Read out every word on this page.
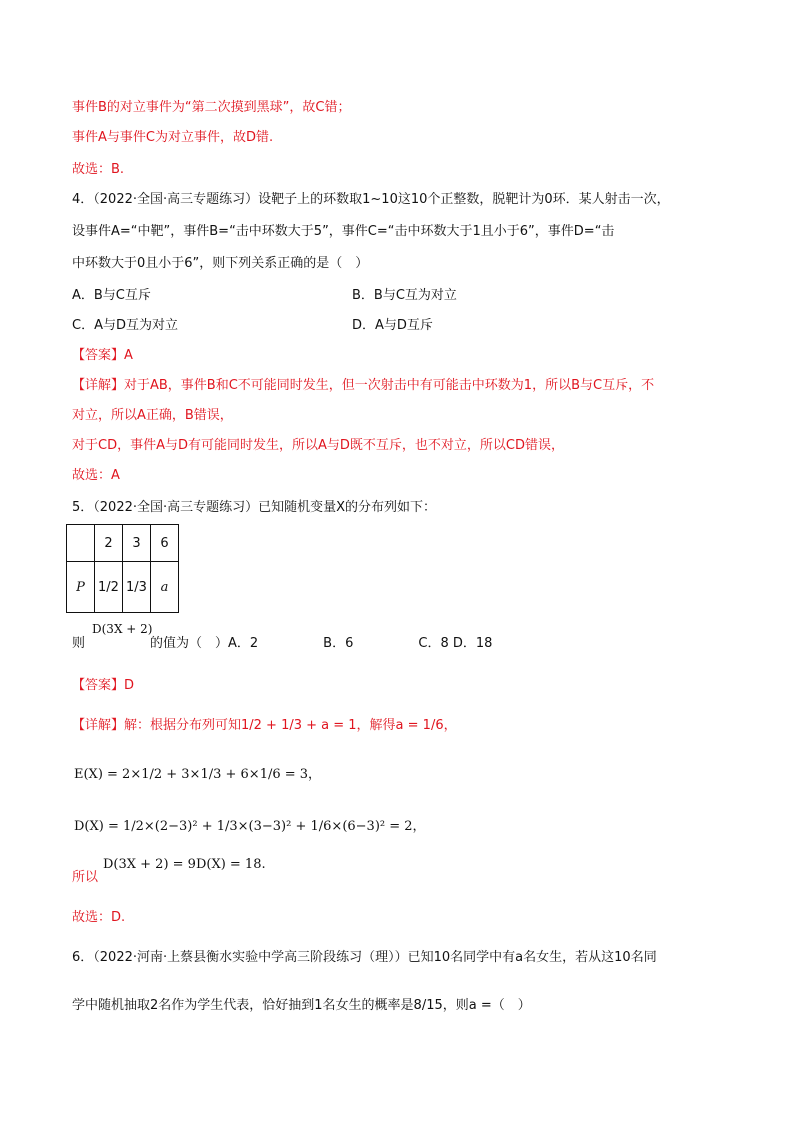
事件B的对立事件为“第二次摸到黑球”，故C错；
事件A与事件C为对立事件，故D错.
故选：B.
4．（2022·全国·高三专题练习）设靶子上的环数取1~10这10个正整数，脱靶计为0环．某人射击一次，
设事件A=“中靶”，事件B=“击中环数大于5”，事件C=“击中环数大于1且小于6”，事件D=“击
中环数大于0且小于6”，则下列关系正确的是（　）
A．B与C互斥	B．B与C互为对立
C．A与D互为对立	D．A与D互斥
【答案】A
【详解】对于AB，事件B和C不可能同时发生，但一次射击中有可能击中环数为1，所以B与C互斥，不
对立，所以A正确，B错误，
对于CD，事件A与D有可能同时发生，所以A与D既不互斥，也不对立，所以CD错误，
故选：A
5．（2022·全国·高三专题练习）已知随机变量X的分布列如下：
	2	3	6
P	1/2	1/3	a
D(3X + 2)
则	的值为（　）A．2　　　　　B．6　　　　　C．8 D．18
【答案】D
【详解】解：根据分布列可知1/2 + 1/3 + a = 1，解得a = 1/6，
E(X) = 2×1/2 + 3×1/3 + 6×1/6 = 3，
D(X) = 1/2×(2−3)² + 1/3×(3−3)² + 1/6×(6−3)² = 2，
D(3X + 2) = 9D(X) = 18.
所以
故选：D.
6．（2022·河南·上蔡县衡水实验中学高三阶段练习（理））已知10名同学中有a名女生，若从这10名同
学中随机抽取2名作为学生代表，恰好抽到1名女生的概率是8/15，则a =（　）
